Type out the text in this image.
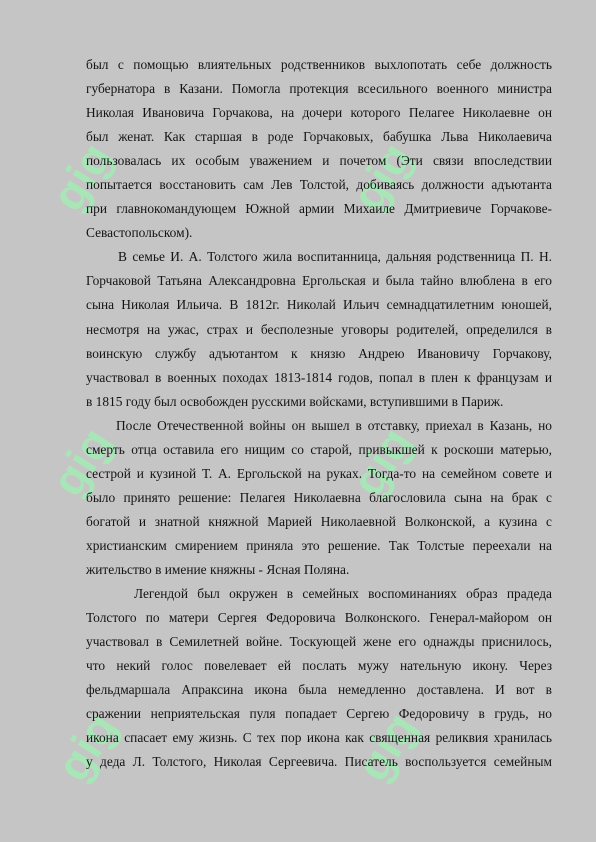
gig	gig
gig	gig
gig	gig
был с помощью влиятельных родственников выхлопотать себе должность
губернатора в Казани. Помогла протекция всесильного военного министра
Николая Ивановича Горчакова, на дочери которого Пелагее Николаевне он
был женат. Как старшая в роде Горчаковых, бабушка Льва Николаевича
пользовалась их особым уважением и почетом (Эти связи впоследствии
попытается восстановить сам Лев Толстой, добиваясь должности адъютанта
при главнокомандующем Южной армии Михаиле Дмитриевиче Горчакове-
Севастопольском).
В семье И. А. Толстого жила воспитанница, дальняя родственница П. Н.
Горчаковой Татьяна Александровна Ергольская и была тайно влюблена в его
сына Николая Ильича. В 1812г. Николай Ильич семнадцатилетним юношей,
несмотря на ужас, страх и бесполезные уговоры родителей, определился в
воинскую службу адъютантом к князю Андрею Ивановичу Горчакову,
участвовал в военных походах 1813-1814 годов, попал в плен к французам и
в 1815 году был освобожден русскими войсками, вступившими в Париж.
После Отечественной войны он вышел в отставку, приехал в Казань, но
смерть отца оставила его нищим со старой, привыкшей к роскоши матерью,
сестрой и кузиной Т. А. Ергольской на руках. Тогда-то на семейном совете и
было принято решение: Пелагея Николаевна благословила сына на брак с
богатой и знатной княжной Марией Николаевной Волконской, а кузина с
христианским смирением приняла это решение. Так Толстые переехали на
жительство в имение княжны - Ясная Поляна.
Легендой был окружен в семейных воспоминаниях образ прадеда
Толстого по матери Сергея Федоровича Волконского. Генерал-майором он
участвовал в Семилетней войне. Тоскующей жене его однажды приснилось,
что некий голос повелевает ей послать мужу нательную икону. Через
фельдмаршала Апраксина икона была немедленно доставлена. И вот в
сражении неприятельская пуля попадает Сергею Федоровичу в грудь, но
икона спасает ему жизнь. С тех пор икона как священная реликвия хранилась
у деда Л. Толстого, Николая Сергеевича. Писатель воспользуется семейным
